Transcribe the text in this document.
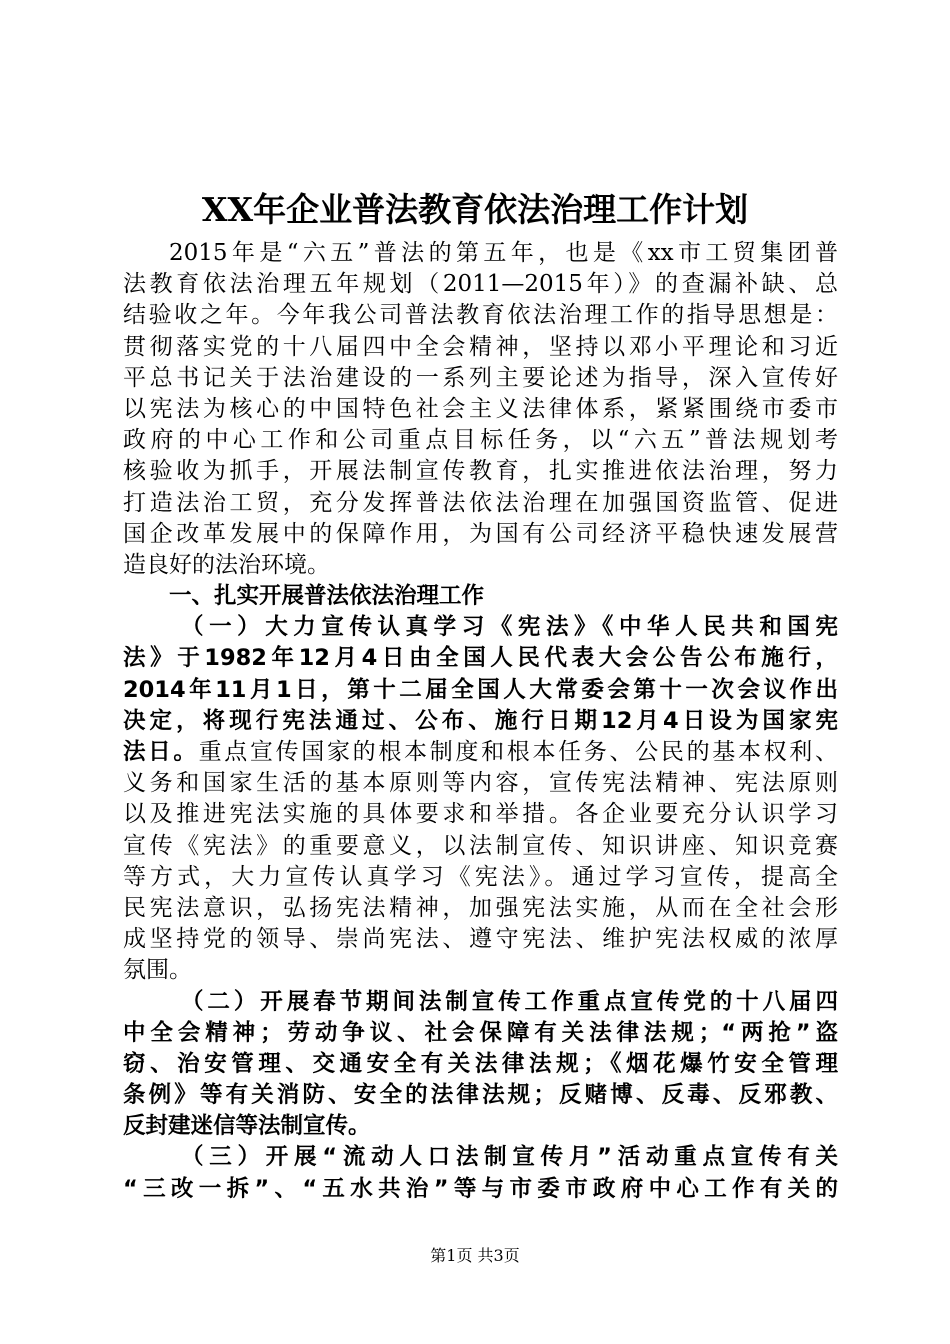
XX年企业普法教育依法治理工作计划
2015年是“六五”普法的第五年，也是《xx市工贸集团普
法教育依法治理五年规划（2011—2015年）》的查漏补缺、总
结验收之年。今年我公司普法教育依法治理工作的指导思想是：
贯彻落实党的十八届四中全会精神，坚持以邓小平理论和习近
平总书记关于法治建设的一系列主要论述为指导，深入宣传好
以宪法为核心的中国特色社会主义法律体系，紧紧围绕市委市
政府的中心工作和公司重点目标任务，以“六五”普法规划考
核验收为抓手，开展法制宣传教育，扎实推进依法治理，努力
打造法治工贸，充分发挥普法依法治理在加强国资监管、促进
国企改革发展中的保障作用，为国有公司经济平稳快速发展营
造良好的法治环境。
一、扎实开展普法依法治理工作
（一）大力宣传认真学习《宪法》《中华人民共和国宪
法》于1982年12月4日由全国人民代表大会公告公布施行，
2014年11月1日，第十二届全国人大常委会第十一次会议作出
决定，将现行宪法通过、公布、施行日期12月4日设为国家宪
法日。重点宣传国家的根本制度和根本任务、公民的基本权利、
义务和国家生活的基本原则等内容，宣传宪法精神、宪法原则
以及推进宪法实施的具体要求和举措。各企业要充分认识学习
宣传《宪法》的重要意义，以法制宣传、知识讲座、知识竞赛
等方式，大力宣传认真学习《宪法》。通过学习宣传，提高全
民宪法意识，弘扬宪法精神，加强宪法实施，从而在全社会形
成坚持党的领导、崇尚宪法、遵守宪法、维护宪法权威的浓厚
氛围。
（二）开展春节期间法制宣传工作重点宣传党的十八届四
中全会精神；劳动争议、社会保障有关法律法规；“两抢”盗
窃、治安管理、交通安全有关法律法规；《烟花爆竹安全管理
条例》等有关消防、安全的法律法规；反赌博、反毒、反邪教、
反封建迷信等法制宣传。
（三）开展“流动人口法制宣传月”活动重点宣传有关
“三改一拆”、“五水共治”等与市委市政府中心工作有关的
第1页 共3页
